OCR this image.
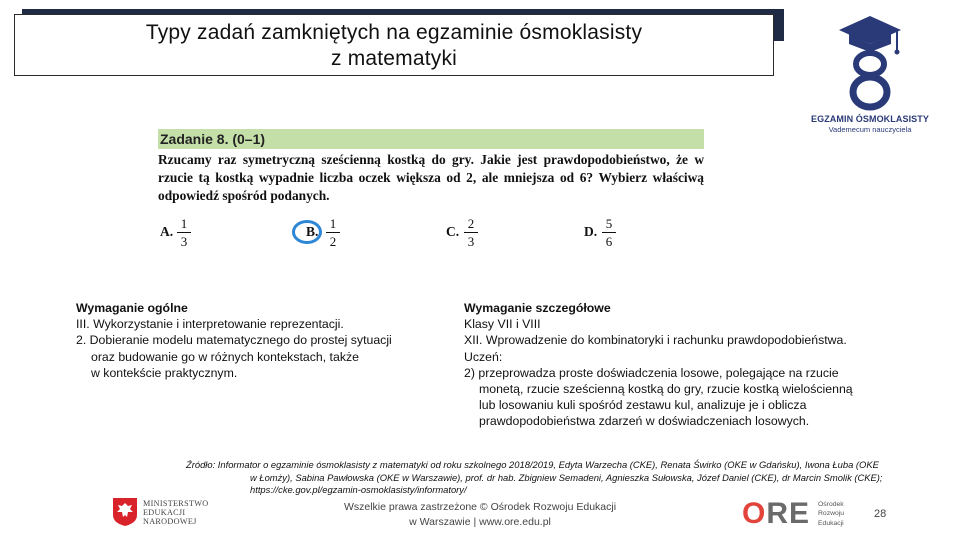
Typy zadań zamkniętych na egzaminie ósmoklasisty
z matematyki
EGZAMIN ÓSMOKLASISTY
Vademecum nauczyciela
Zadanie 8. (0–1)
Rzucamy raz symetryczną sześcienną kostką do gry. Jakie jest prawdopodobieństwo, że w rzucie tą kostką wypadnie liczba oczek większa od 2, ale mniejsza od 6? Wybierz właściwą odpowiedź spośród podanych.
A.
1
3
B.
1
2
C.
2
3
D.
5
6
Wymaganie ogólne
III. Wykorzystanie i interpretowanie reprezentacji.
2. Dobieranie modelu matematycznego do prostej sytuacji
oraz budowanie go w różnych kontekstach, także
w kontekście praktycznym.
Wymaganie szczegółowe
Klasy VII i VIII
XII. Wprowadzenie do kombinatoryki i rachunku prawdopodobieństwa.
Uczeń:
2) przeprowadza proste doświadczenia losowe, polegające na rzucie
monetą, rzucie sześcienną kostką do gry, rzucie kostką wielościenną
lub losowaniu kuli spośród zestawu kul, analizuje je i oblicza
prawdopodobieństwa zdarzeń w doświadczeniach losowych.
Źródło: Informator o egzaminie ósmoklasisty z matematyki od roku szkolnego 2018/2019, Edyta Warzecha (CKE), Renata Świrko (OKE w Gdańsku), Iwona Łuba (OKE
w Łomży), Sabina Pawłowska (OKE w Warszawie), prof. dr hab. Zbigniew Semadeni, Agnieszka Sułowska, Józef Daniel (CKE), dr Marcin Smolik (CKE);
https://cke.gov.pl/egzamin-osmoklasisty/informatory/
MINISTERSTWO
EDUKACJI
NARODOWEJ
Wszelkie prawa zastrzeżone © Ośrodek Rozwoju Edukacji
w Warszawie | www.ore.edu.pl	ORE Ośrodek
Rozwoju
Edukacji
28
